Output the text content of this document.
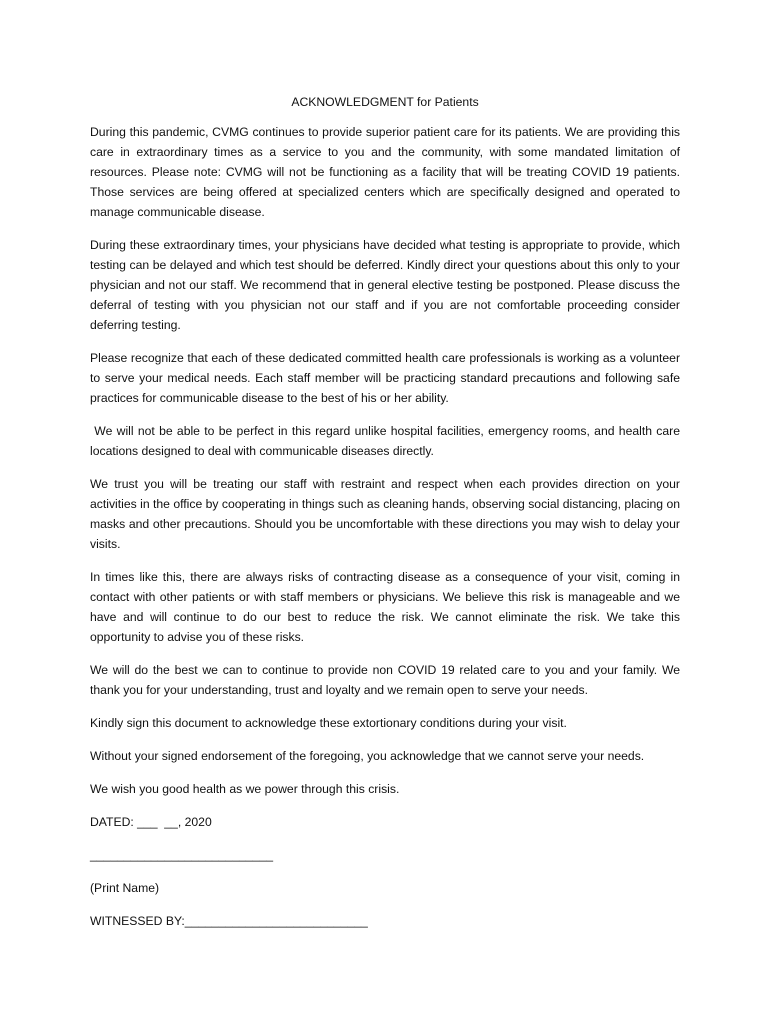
ACKNOWLEDGMENT for Patients

During this pandemic, CVMG continues to provide superior patient care for its patients. We are providing this care in extraordinary times as a service to you and the community, with some mandated limitation of resources. Please note: CVMG will not be functioning as a facility that will be treating COVID 19 patients. Those services are being offered at specialized centers which are specifically designed and operated to manage communicable disease.

During these extraordinary times, your physicians have decided what testing is appropriate to provide, which testing can be delayed and which test should be deferred. Kindly direct your questions about this only to your physician and not our staff. We recommend that in general elective testing be postponed. Please discuss the deferral of testing with you physician not our staff and if you are not comfortable proceeding consider deferring testing.

Please recognize that each of these dedicated committed health care professionals is working as a volunteer to serve your medical needs. Each staff member will be practicing standard precautions and following safe practices for communicable disease to the best of his or her ability.

We will not be able to be perfect in this regard unlike hospital facilities, emergency rooms, and health care locations designed to deal with communicable diseases directly.

We trust you will be treating our staff with restraint and respect when each provides direction on your activities in the office by cooperating in things such as cleaning hands, observing social distancing, placing on masks and other precautions. Should you be uncomfortable with these directions you may wish to delay your visits.

In times like this, there are always risks of contracting disease as a consequence of your visit, coming in contact with other patients or with staff members or physicians. We believe this risk is manageable and we have and will continue to do our best to reduce the risk. We cannot eliminate the risk. We take this opportunity to advise you of these risks.

We will do the best we can to continue to provide non COVID 19 related care to you and your family. We thank you for your understanding, trust and loyalty and we remain open to serve your needs.

Kindly sign this document to acknowledge these extortionary conditions during your visit.

Without your signed endorsement of the foregoing, you acknowledge that we cannot serve your needs.

We wish you good health as we power through this crisis.

DATED: ___  __, 2020
___________________________
(Print Name)
WITNESSED BY:___________________________
